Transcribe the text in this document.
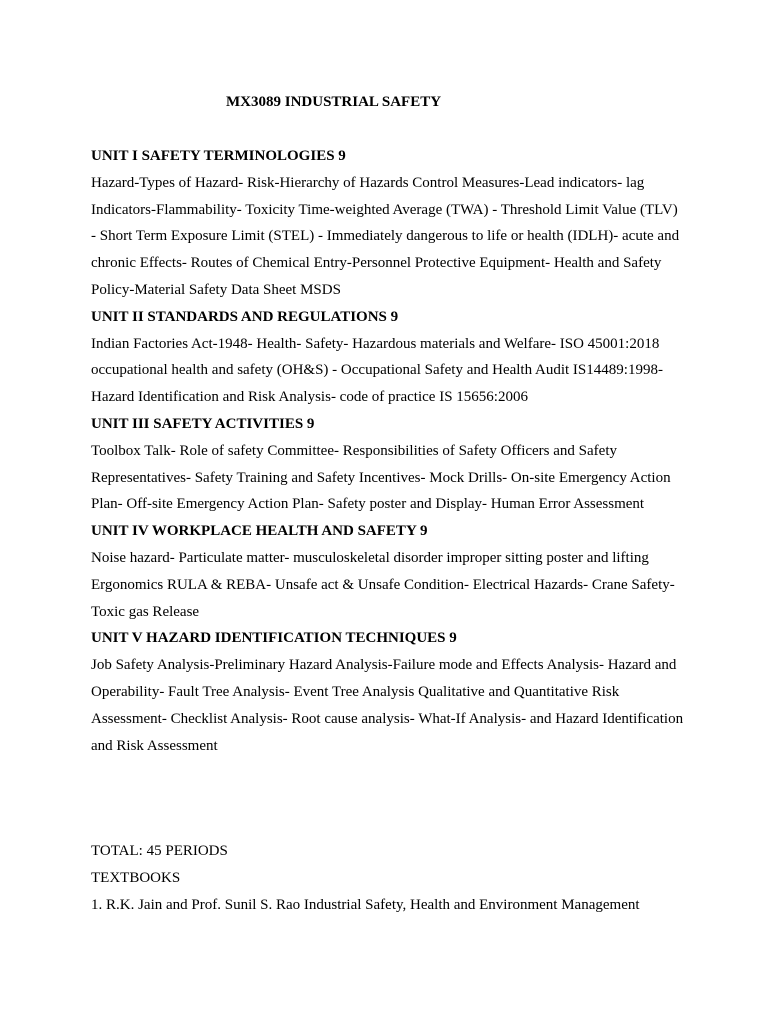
MX3089 INDUSTRIAL SAFETY

UNIT I SAFETY TERMINOLOGIES 9

Hazard-Types of Hazard- Risk-Hierarchy of Hazards Control Measures-Lead indicators- lag Indicators-Flammability- Toxicity Time-weighted Average (TWA) - Threshold Limit Value (TLV) - Short Term Exposure Limit (STEL) - Immediately dangerous to life or health (IDLH)- acute and chronic Effects- Routes of Chemical Entry-Personnel Protective Equipment- Health and Safety Policy-Material Safety Data Sheet MSDS

UNIT II STANDARDS AND REGULATIONS 9

Indian Factories Act-1948- Health- Safety- Hazardous materials and Welfare- ISO 45001:2018 occupational health and safety (OH&S) - Occupational Safety and Health Audit IS14489:1998- Hazard Identification and Risk Analysis- code of practice IS 15656:2006

UNIT III SAFETY ACTIVITIES 9

Toolbox Talk- Role of safety Committee- Responsibilities of Safety Officers and Safety Representatives- Safety Training and Safety Incentives- Mock Drills- On-site Emergency Action Plan- Off-site Emergency Action Plan- Safety poster and Display- Human Error Assessment

UNIT IV WORKPLACE HEALTH AND SAFETY 9

Noise hazard- Particulate matter- musculoskeletal disorder improper sitting poster and lifting Ergonomics RULA & REBA- Unsafe act & Unsafe Condition- Electrical Hazards- Crane Safety-Toxic gas Release

UNIT V HAZARD IDENTIFICATION TECHNIQUES 9

Job Safety Analysis-Preliminary Hazard Analysis-Failure mode and Effects Analysis- Hazard and Operability- Fault Tree Analysis- Event Tree Analysis Qualitative and Quantitative Risk Assessment- Checklist Analysis- Root cause analysis- What-If Analysis- and Hazard Identification and Risk Assessment

TOTAL: 45 PERIODS

TEXTBOOKS

1. R.K. Jain and Prof. Sunil S. Rao Industrial Safety, Health and Environment Management
